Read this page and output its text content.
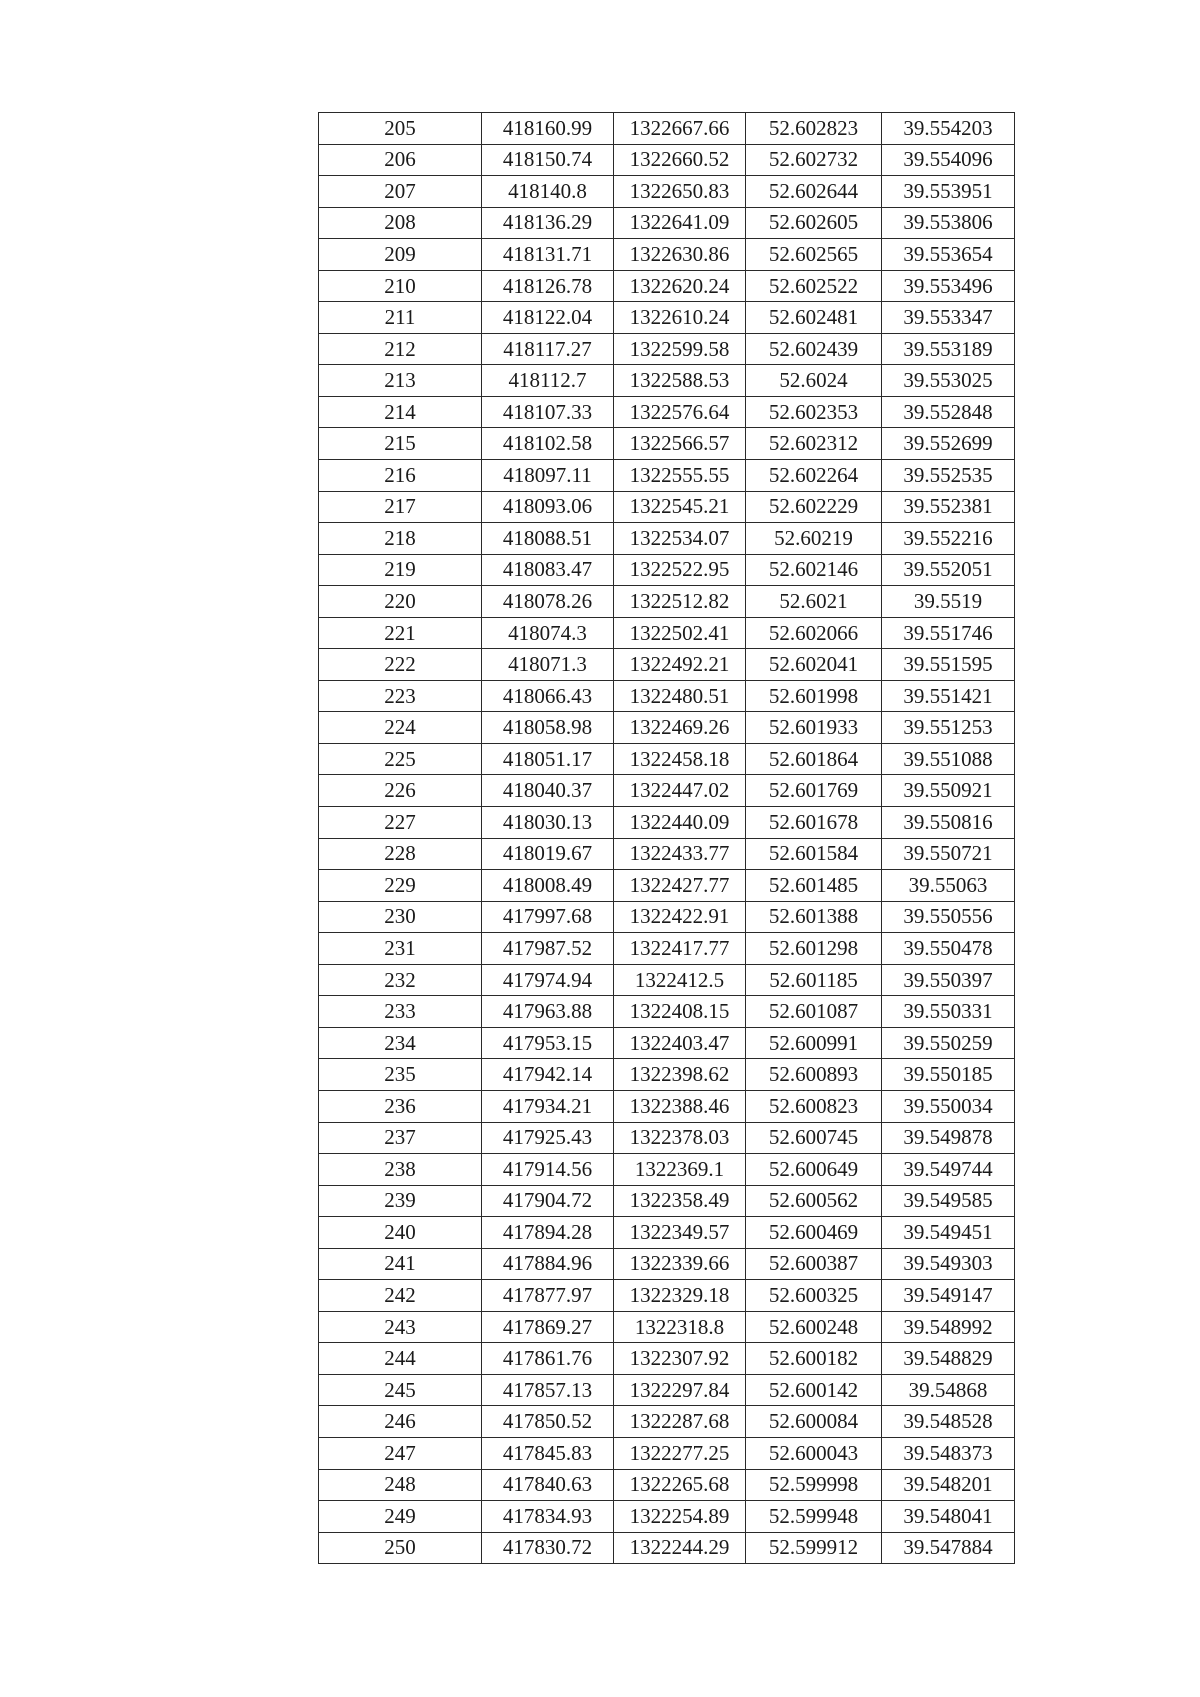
205	418160.99	1322667.66	52.602823	39.554203
206	418150.74	1322660.52	52.602732	39.554096
207	418140.8	1322650.83	52.602644	39.553951
208	418136.29	1322641.09	52.602605	39.553806
209	418131.71	1322630.86	52.602565	39.553654
210	418126.78	1322620.24	52.602522	39.553496
211	418122.04	1322610.24	52.602481	39.553347
212	418117.27	1322599.58	52.602439	39.553189
213	418112.7	1322588.53	52.6024	39.553025
214	418107.33	1322576.64	52.602353	39.552848
215	418102.58	1322566.57	52.602312	39.552699
216	418097.11	1322555.55	52.602264	39.552535
217	418093.06	1322545.21	52.602229	39.552381
218	418088.51	1322534.07	52.60219	39.552216
219	418083.47	1322522.95	52.602146	39.552051
220	418078.26	1322512.82	52.6021	39.5519
221	418074.3	1322502.41	52.602066	39.551746
222	418071.3	1322492.21	52.602041	39.551595
223	418066.43	1322480.51	52.601998	39.551421
224	418058.98	1322469.26	52.601933	39.551253
225	418051.17	1322458.18	52.601864	39.551088
226	418040.37	1322447.02	52.601769	39.550921
227	418030.13	1322440.09	52.601678	39.550816
228	418019.67	1322433.77	52.601584	39.550721
229	418008.49	1322427.77	52.601485	39.55063
230	417997.68	1322422.91	52.601388	39.550556
231	417987.52	1322417.77	52.601298	39.550478
232	417974.94	1322412.5	52.601185	39.550397
233	417963.88	1322408.15	52.601087	39.550331
234	417953.15	1322403.47	52.600991	39.550259
235	417942.14	1322398.62	52.600893	39.550185
236	417934.21	1322388.46	52.600823	39.550034
237	417925.43	1322378.03	52.600745	39.549878
238	417914.56	1322369.1	52.600649	39.549744
239	417904.72	1322358.49	52.600562	39.549585
240	417894.28	1322349.57	52.600469	39.549451
241	417884.96	1322339.66	52.600387	39.549303
242	417877.97	1322329.18	52.600325	39.549147
243	417869.27	1322318.8	52.600248	39.548992
244	417861.76	1322307.92	52.600182	39.548829
245	417857.13	1322297.84	52.600142	39.54868
246	417850.52	1322287.68	52.600084	39.548528
247	417845.83	1322277.25	52.600043	39.548373
248	417840.63	1322265.68	52.599998	39.548201
249	417834.93	1322254.89	52.599948	39.548041
250	417830.72	1322244.29	52.599912	39.547884
